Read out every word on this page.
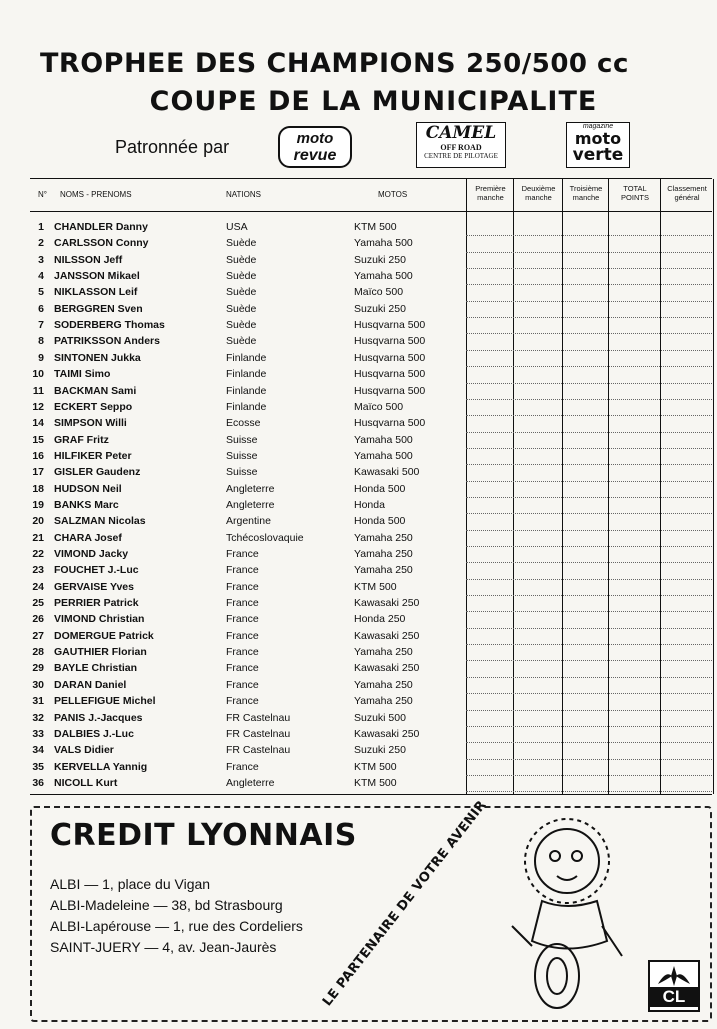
TROPHEE DES CHAMPIONS 250/500 cc
COUPE DE LA MUNICIPALITE
Patronnée par	moto
revue
CAMEL
OFF ROAD
CENTRE DE PILOTAGE
magazine
moto
verte
N° NOMS - PRENOMS	NATIONS	MOTOS
Première manche
Deuxième manche
Troisième manche
TOTAL POINTS
Classement général
1 CHANDLER Danny	USA	KTM 500
2 CARLSSON Conny	Suède	Yamaha 500
3 NILSSON Jeff	Suède	Suzuki 250
4 JANSSON Mikael	Suède	Yamaha 500
5 NIKLASSON Leif	Suède	Maïco 500
6 BERGGREN Sven	Suède	Suzuki 250
7 SODERBERG Thomas	Suède	Husqvarna 500
8 PATRIKSSON Anders	Suède	Husqvarna 500
9 SINTONEN Jukka	Finlande	Husqvarna 500
10 TAIMI Simo	Finlande	Husqvarna 500
11 BACKMAN Sami	Finlande	Husqvarna 500
12 ECKERT Seppo	Finlande	Maïco 500
14 SIMPSON Willi	Ecosse	Husqvarna 500
15 GRAF Fritz	Suisse	Yamaha 500
16 HILFIKER Peter	Suisse	Yamaha 500
17 GISLER Gaudenz	Suisse	Kawasaki 500
18 HUDSON Neil	Angleterre	Honda 500
19 BANKS Marc	Angleterre	Honda
20 SALZMAN Nicolas	Argentine	Honda 500
21 CHARA Josef	Tchécoslovaquie	Yamaha 250
22 VIMOND Jacky	France	Yamaha 250
23 FOUCHET J.-Luc	France	Yamaha 250
24 GERVAISE Yves	France	KTM 500
25 PERRIER Patrick	France	Kawasaki 250
26 VIMOND Christian	France	Honda 250
27 DOMERGUE Patrick	France	Kawasaki 250
28 GAUTHIER Florian	France	Yamaha 250
29 BAYLE Christian	France	Kawasaki 250
30 DARAN Daniel	France	Yamaha 250
31 PELLEFIGUE Michel	France	Yamaha 250
32 PANIS J.-Jacques	FR Castelnau	Suzuki 500
33 DALBIES J.-Luc	FR Castelnau	Kawasaki 250
34 VALS Didier	FR Castelnau	Suzuki 250
35 KERVELLA Yannig	France	KTM 500
36 NICOLL Kurt	Angleterre	KTM 500
CREDIT LYONNAIS
ALBI — 1, place du Vigan
ALBI-Madeleine — 38, bd Strasbourg
ALBI-Lapérouse — 1, rue des Cordeliers
SAINT-JUERY — 4, av. Jean-Jaurès	LE PARTENAIRE DE VOTRE AVENIR	CL
